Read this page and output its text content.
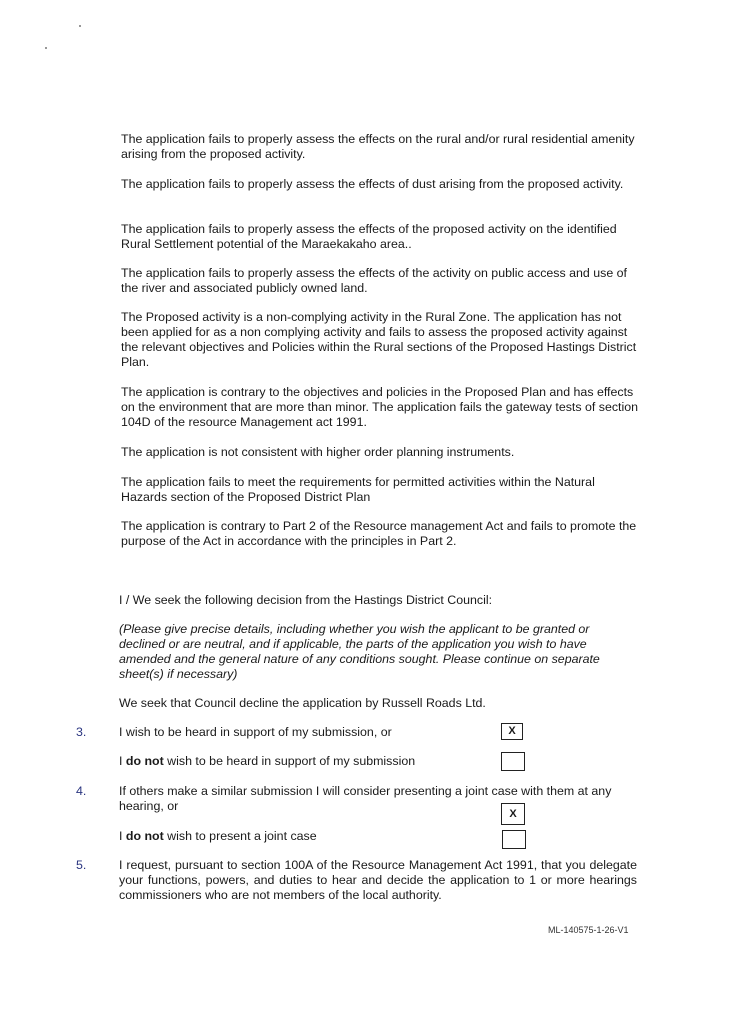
The application fails to properly assess the effects on the rural and/or rural residential amenity arising from the proposed activity.

The application fails to properly assess the effects of dust arising from the proposed activity.

The application fails to properly assess the effects of the proposed activity on the identified Rural Settlement potential of the Maraekakaho area..

The application fails to properly assess the effects of the activity on public access and use of the river and associated publicly owned land.

The Proposed activity is a non-complying activity in the Rural Zone. The application has not been applied for as a non complying activity and fails to assess the proposed activity against the relevant objectives and Policies within the Rural sections of the Proposed Hastings District Plan.

The application is contrary to the objectives and policies in the Proposed Plan and has effects on the environment that are more than minor. The application fails the gateway tests of section 104D of the resource Management act 1991.

The application is not consistent with higher order planning instruments.

The application fails to meet the requirements for permitted activities within the Natural Hazards section of the Proposed District Plan

The application is contrary to Part 2 of the Resource management Act and fails to promote the purpose of the Act in accordance with the principles in Part 2.

I / We seek the following decision from the Hastings District Council:
(Please give precise details, including whether you wish the applicant to be granted or declined or are neutral, and if applicable, the parts of the application you wish to have amended and the general nature of any conditions sought. Please continue on separate sheet(s) if necessary)
We seek that Council decline the application by Russell Roads Ltd.
3.	I wish to be heard in support of my submission, or	X
I do not wish to be heard in support of my submission
4.	If others make a similar submission I will consider presenting a joint case with them at any hearing, or
X
I do not wish to present a joint case
5.	I request, pursuant to section 100A of the Resource Management Act 1991, that you delegate your functions, powers, and duties to hear and decide the application to 1 or more hearings commissioners who are not members of the local authority.
ML-140575-1-26-V1
